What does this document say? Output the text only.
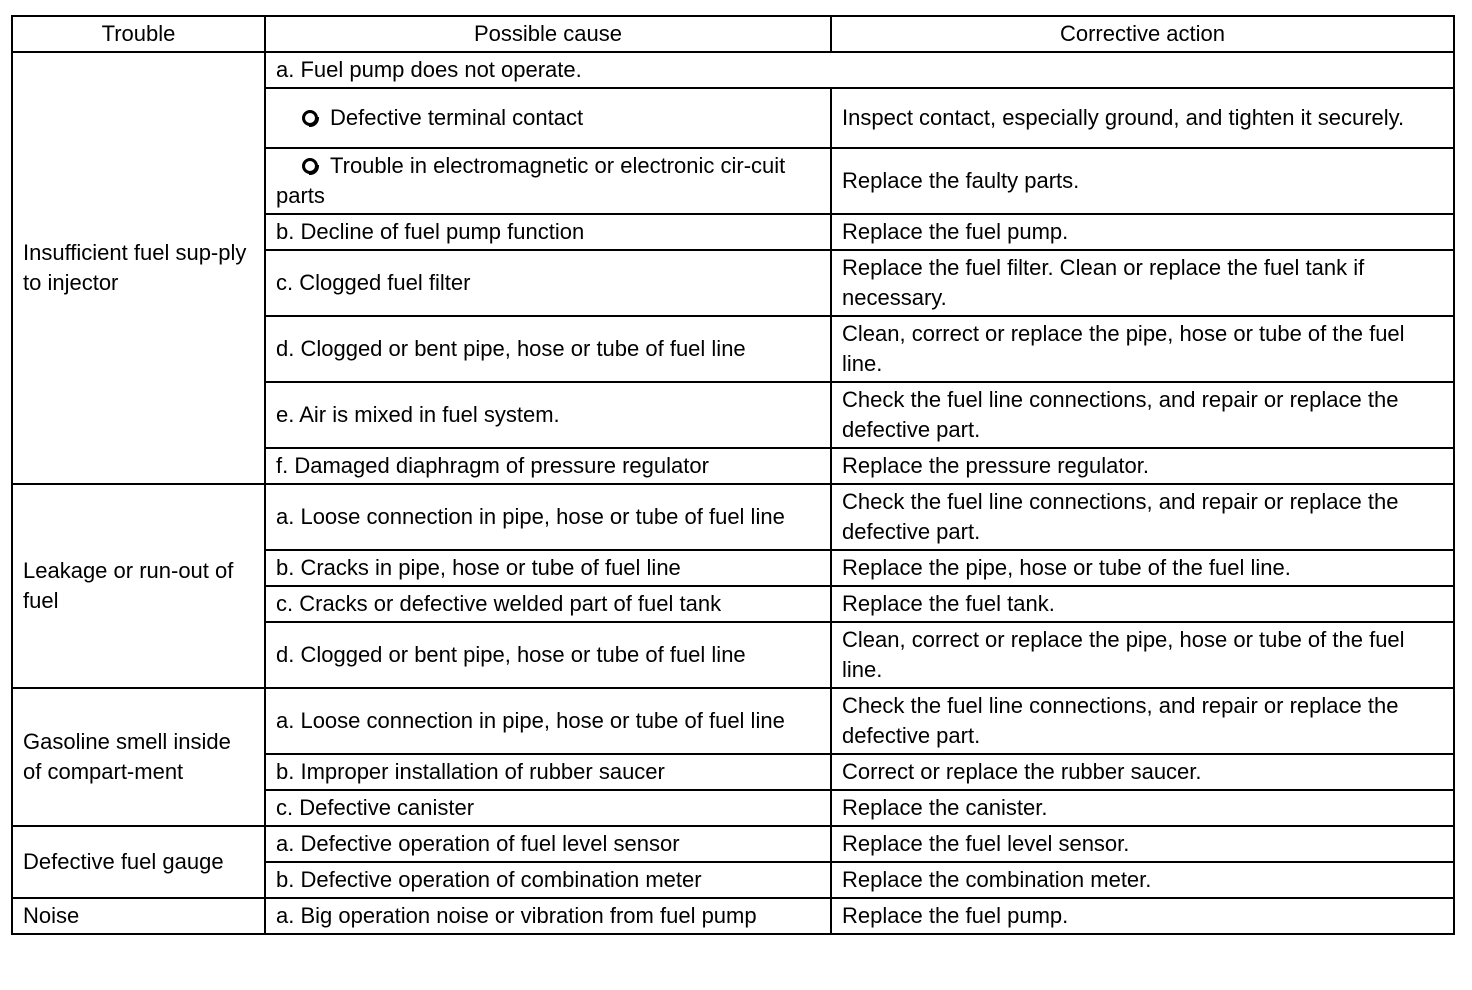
Trouble	Possible cause	Corrective action
Insufficient fuel sup-ply to injector	a. Fuel pump does not operate.	
	Defective terminal contact	Inspect contact, especially ground, and tighten it securely.
	Trouble in electromagnetic or electronic cir-cuit parts	Replace the faulty parts.
	b. Decline of fuel pump function	Replace the fuel pump.
	c. Clogged fuel filter	Replace the fuel filter. Clean or replace the fuel tank if necessary.
	d. Clogged or bent pipe, hose or tube of fuel line	Clean, correct or replace the pipe, hose or tube of the fuel line.
	e. Air is mixed in fuel system.	Check the fuel line connections, and repair or replace the defective part.
	f. Damaged diaphragm of pressure regulator	Replace the pressure regulator.
Leakage or run-out of fuel	a. Loose connection in pipe, hose or tube of fuel line	Check the fuel line connections, and repair or replace the defective part.
	b. Cracks in pipe, hose or tube of fuel line	Replace the pipe, hose or tube of the fuel line.
	c. Cracks or defective welded part of fuel tank	Replace the fuel tank.
	d. Clogged or bent pipe, hose or tube of fuel line	Clean, correct or replace the pipe, hose or tube of the fuel line.
Gasoline smell inside of compart-ment	a. Loose connection in pipe, hose or tube of fuel line	Check the fuel line connections, and repair or replace the defective part.
	b. Improper installation of rubber saucer	Correct or replace the rubber saucer.
	c. Defective canister	Replace the canister.
Defective fuel gauge	a. Defective operation of fuel level sensor	Replace the fuel level sensor.
	b. Defective operation of combination meter	Replace the combination meter.
Noise	a. Big operation noise or vibration from fuel pump	Replace the fuel pump.
